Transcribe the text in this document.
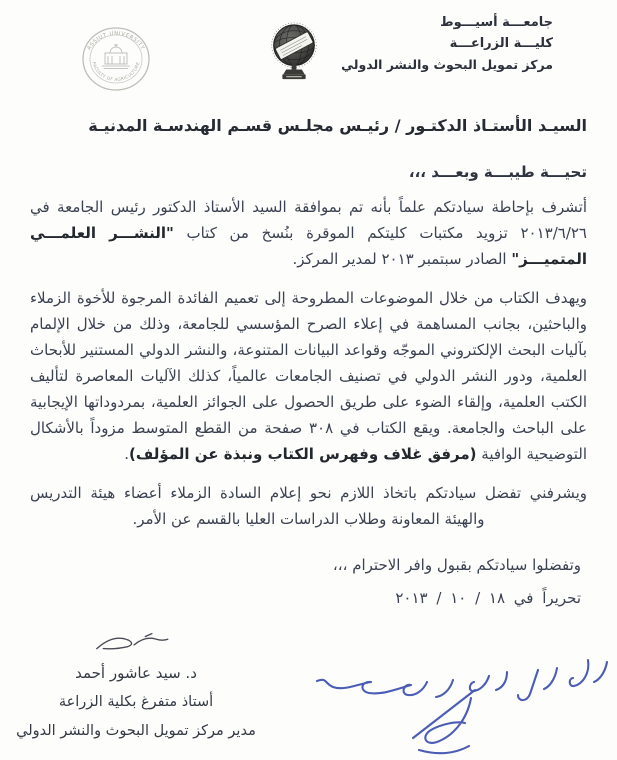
ASSIUT UNIVERSITY
FACULTY OF AGRICULTURE
جامعـــة أسيـــوط
كليـــة الزراعـــة
مركز تمويل البحوث والنشر الدولي
السيـد الأستـاذ الدكتـور / رئيـس مجلـس قسـم الهندسـة المدنيـة

تحيـــة طيبـــة وبعـــد ،،،

أتشرف بإحاطة سيادتكم علماً بأنه تم بموافقة السيد الأستاذ الدكتور رئيس الجامعة في ٢٠١٣/٦/٢٦ تزويد مكتبات كليتكم الموقرة بنُسخ من كتاب "النشـــر العلمـــي المتميـــز" الصادر سبتمبر ٢٠١٣ لمدير المركز.

ويهدف الكتاب من خلال الموضوعات المطروحة إلى تعميم الفائدة المرجوة للأخوة الزملاء والباحثين، بجانب المساهمة في إعلاء الصرح المؤسسي للجامعة، وذلك من خلال الإلمام بآليات البحث الإلكتروني الموجّه وقواعد البيانات المتنوعة، والنشر الدولي المستنير للأبحاث العلمية، ودور النشر الدولي في تصنيف الجامعات عالمياً، كذلك الآليات المعاصرة لتأليف الكتب العلمية، وإلقاء الضوء على طريق الحصول على الجوائز العلمية، بمردوداتها الإيجابية على الباحث والجامعة. ويقع الكتاب في ٣٠٨ صفحة من القطع المتوسط مزوداً بالأشكال التوضيحية الوافية (مرفق غلاف وفهرس الكتاب ونبذة عن المؤلف).

ويشرفني تفضل سيادتكم باتخاذ اللازم نحو إعلام السادة الزملاء أعضاء هيئة التدريس والهيئة المعاونة وطلاب الدراسات العليا بالقسم عن الأمر.

وتفضلوا سيادتكم بقبول وافر الاحترام ،،،

تحريراً في ١٨ / ١٠ / ٢٠١٣

د. سيد عاشور أحمد
أستاذ متفرغ بكلية الزراعة
مدير مركز تمويل البحوث والنشر الدولي
